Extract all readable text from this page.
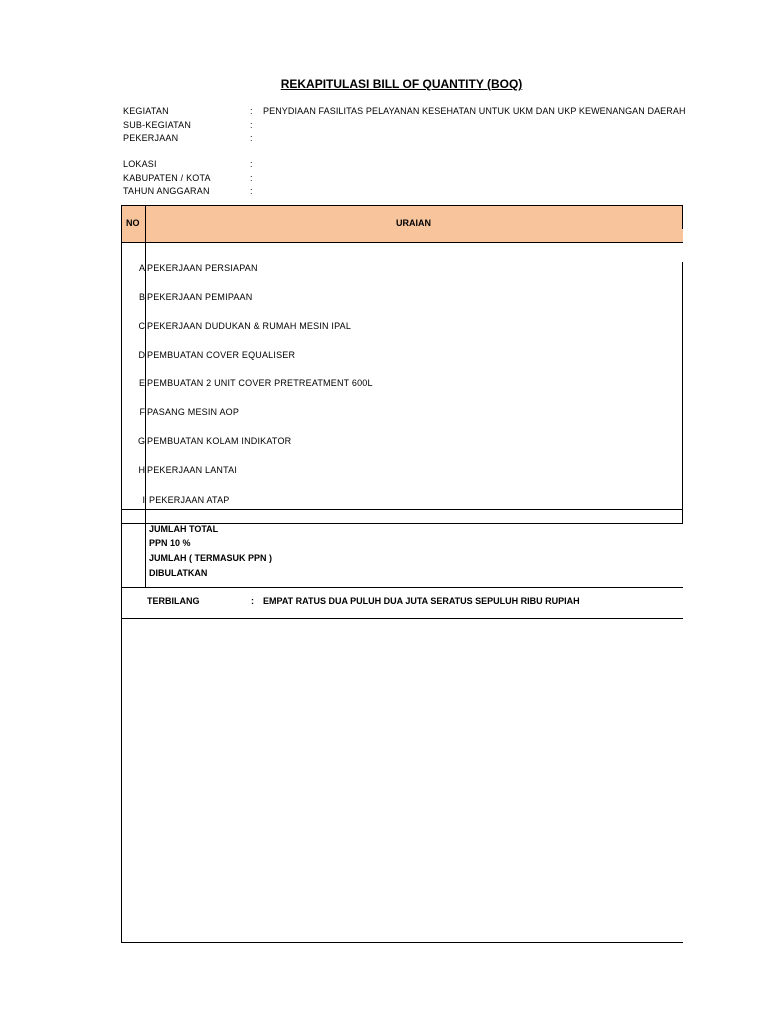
REKAPITULASI BILL OF QUANTITY (BOQ)
KEGIATAN	: PENYDIAAN FASILITAS PELAYANAN KESEHATAN UNTUK UKM DAN UKP KEWENANGAN DAERAH
SUB-KEGIATAN	:
PEKERJAAN	:
LOKASI	:
KABUPATEN / KOTA	:
TAHUN ANGGARAN	:
NO	URAIAN
A PEKERJAAN PERSIAPAN
B PEKERJAAN PEMIPAAN
C PEKERJAAN DUDUKAN & RUMAH MESIN IPAL
D PEMBUATAN COVER EQUALISER
E PEMBUATAN 2 UNIT COVER PRETREATMENT 600L
F PASANG MESIN AOP
G PEMBUATAN KOLAM INDIKATOR
H PEKERJAAN LANTAI
I PEKERJAAN ATAP
JUMLAH TOTAL
PPN 10 %
JUMLAH ( TERMASUK PPN )
DIBULATKAN
TERBILANG	: EMPAT RATUS DUA PULUH DUA JUTA SERATUS SEPULUH RIBU RUPIAH
